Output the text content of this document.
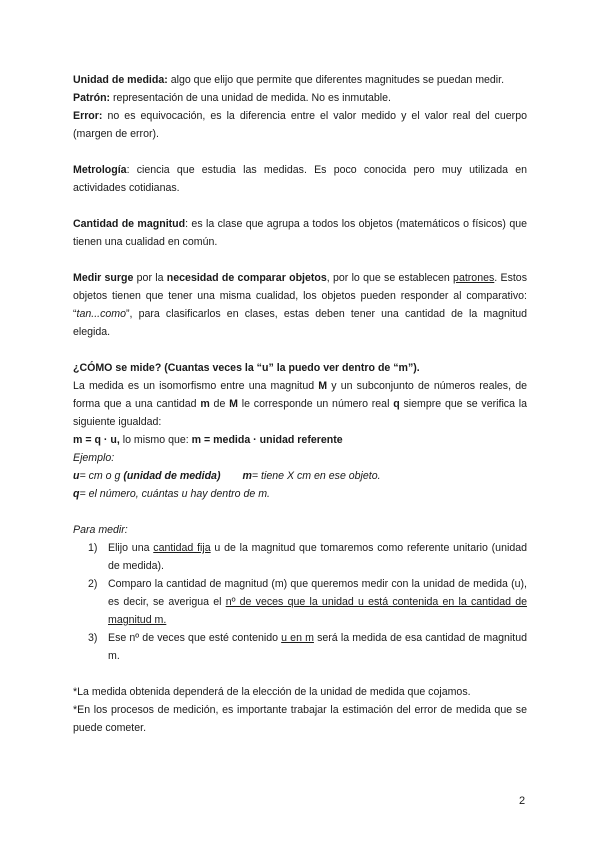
Unidad de medida: algo que elijo que permite que diferentes magnitudes se puedan medir.

Patrón: representación de una unidad de medida. No es inmutable.

Error: no es equivocación, es la diferencia entre el valor medido y el valor real del cuerpo (margen de error).

Metrología: ciencia que estudia las medidas. Es poco conocida pero muy utilizada en actividades cotidianas.

Cantidad de magnitud: es la clase que agrupa a todos los objetos (matemáticos o físicos) que tienen una cualidad en común.

Medir surge por la necesidad de comparar objetos, por lo que se establecen patrones. Estos objetos tienen que tener una misma cualidad, los objetos pueden responder al comparativo: “tan...como”, para clasificarlos en clases, estas deben tener una cantidad de la magnitud elegida.

¿CÓMO se mide? (Cuantas veces la “u” la puedo ver dentro de “m”).

La medida es un isomorfismo entre una magnitud M y un subconjunto de números reales, de forma que a una cantidad m de M le corresponde un número real q siempre que se verifica la siguiente igualdad:

m = q · u, lo mismo que: m = medida · unidad referente

Ejemplo:

u= cm o g (unidad de medida) m= tiene X cm en ese objeto.

q= el número, cuántas u hay dentro de m.

Para medir:

1) Elijo una cantidad fija u de la magnitud que tomaremos como referente unitario (unidad de medida).
2) Comparo la cantidad de magnitud (m) que queremos medir con la unidad de medida (u), es decir, se averigua el nº de veces que la unidad u está contenida en la cantidad de magnitud m.
3) Ese nº de veces que esté contenido u en m será la medida de esa cantidad de magnitud m.

*La medida obtenida dependerá de la elección de la unidad de medida que cojamos.

*En los procesos de medición, es importante trabajar la estimación del error de medida que se puede cometer.

2
